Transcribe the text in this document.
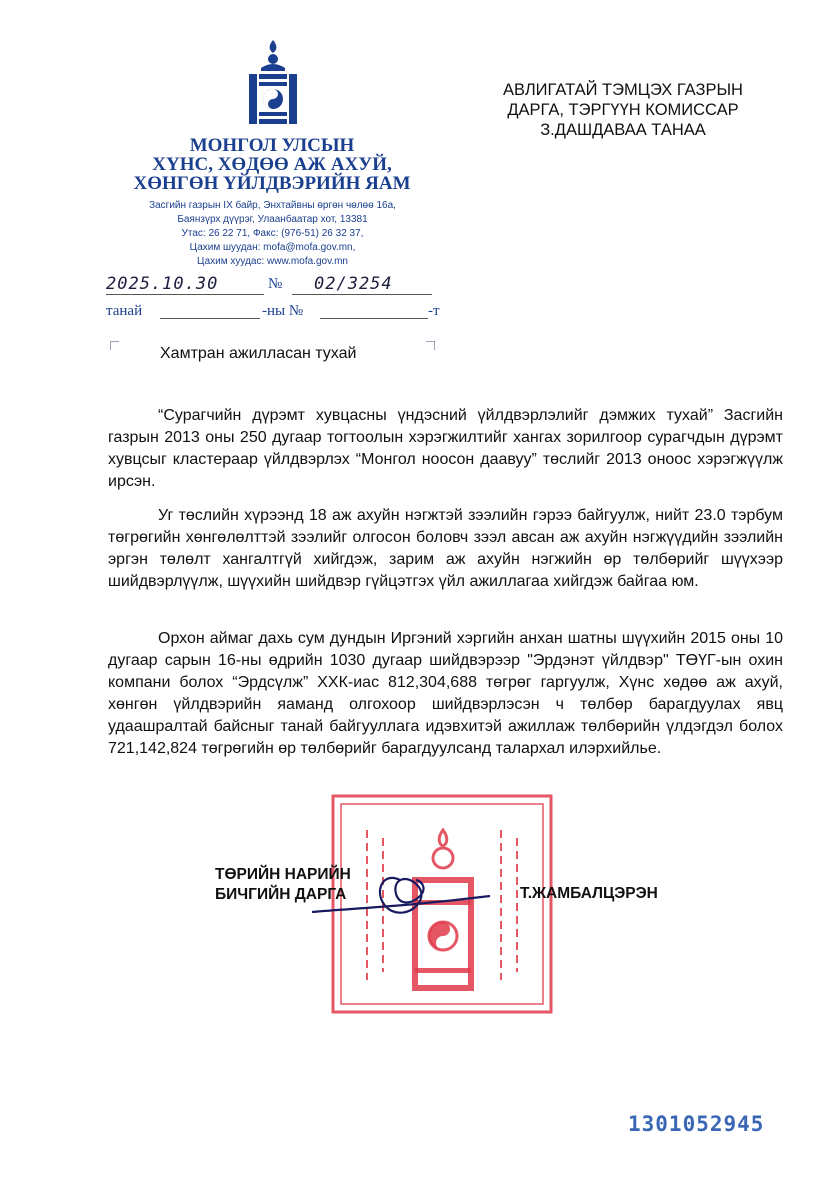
МОНГОЛ УЛСЫН
ХҮНС, ХӨДӨӨ АЖ АХУЙ,
ХӨНГӨН ҮЙЛДВЭРИЙН ЯАМ
Засгийн газрын IX байр, Энхтайвны өргөн чөлөө 16а,
Баянзүрх дүүрэг, Улаанбаатар хот, 13381
Утас: 26 22 71, Факс: (976-51) 26 32 37,
Цахим шуудан: mofa@mofa.gov.mn,
Цахим хуудас: www.mofa.gov.mn
АВЛИГАТАЙ ТЭМЦЭХ ГАЗРЫН
ДАРГА, ТЭРГҮҮН КОМИССАР
З.ДАШДАВАА ТАНАА
2025.10.30	№ 02/3254
танай	-ны №	-т
Хамтран ажилласан тухай

“Сурагчийн дүрэмт хувцасны үндэсний үйлдвэрлэлийг дэмжих тухай” Засгийн газрын 2013 оны 250 дугаар тогтоолын хэрэгжилтийг хангах зорилгоор сурагчдын дүрэмт хувцсыг кластераар үйлдвэрлэх “Монгол ноосон даавуу” төслийг 2013 оноос хэрэгжүүлж ирсэн.

Уг төслийн хүрээнд 18 аж ахуйн нэгжтэй зээлийн гэрээ байгуулж, нийт 23.0 тэрбум төгрөгийн хөнгөлөлттэй зээлийг олгосон боловч зээл авсан аж ахуйн нэгжүүдийн зээлийн эргэн төлөлт хангалтгүй хийгдэж, зарим аж ахуйн нэгжийн өр төлбөрийг шүүхээр шийдвэрлүүлж, шүүхийн шийдвэр гүйцэтгэх үйл ажиллагаа хийгдэж байгаа юм.

Орхон аймаг дахь сум дундын Иргэний хэргийн анхан шатны шүүхийн 2015 оны 10 дугаар сарын 16-ны өдрийн 1030 дугаар шийдвэрээр "Эрдэнэт үйлдвэр" ТӨҮГ-ын охин компани болох “Эрдсүлж” ХХК-иас 812,304,688 төгрөг гаргуулж, Хүнс хөдөө аж ахуй, хөнгөн үйлдвэрийн яаманд олгохоор шийдвэрлэсэн ч төлбөр барагдуулах явц удаашралтай байсныг танай байгууллага идэвхитэй ажиллаж төлбөрийн үлдэгдэл болох 721,142,824 төгрөгийн өр төлбөрийг барагдуулсанд талархал илэрхийлье.

ТӨРИЙН НАРИЙН
БИЧГИЙН ДАРГА	Т.ЖАМБАЛЦЭРЭН
1301052945
